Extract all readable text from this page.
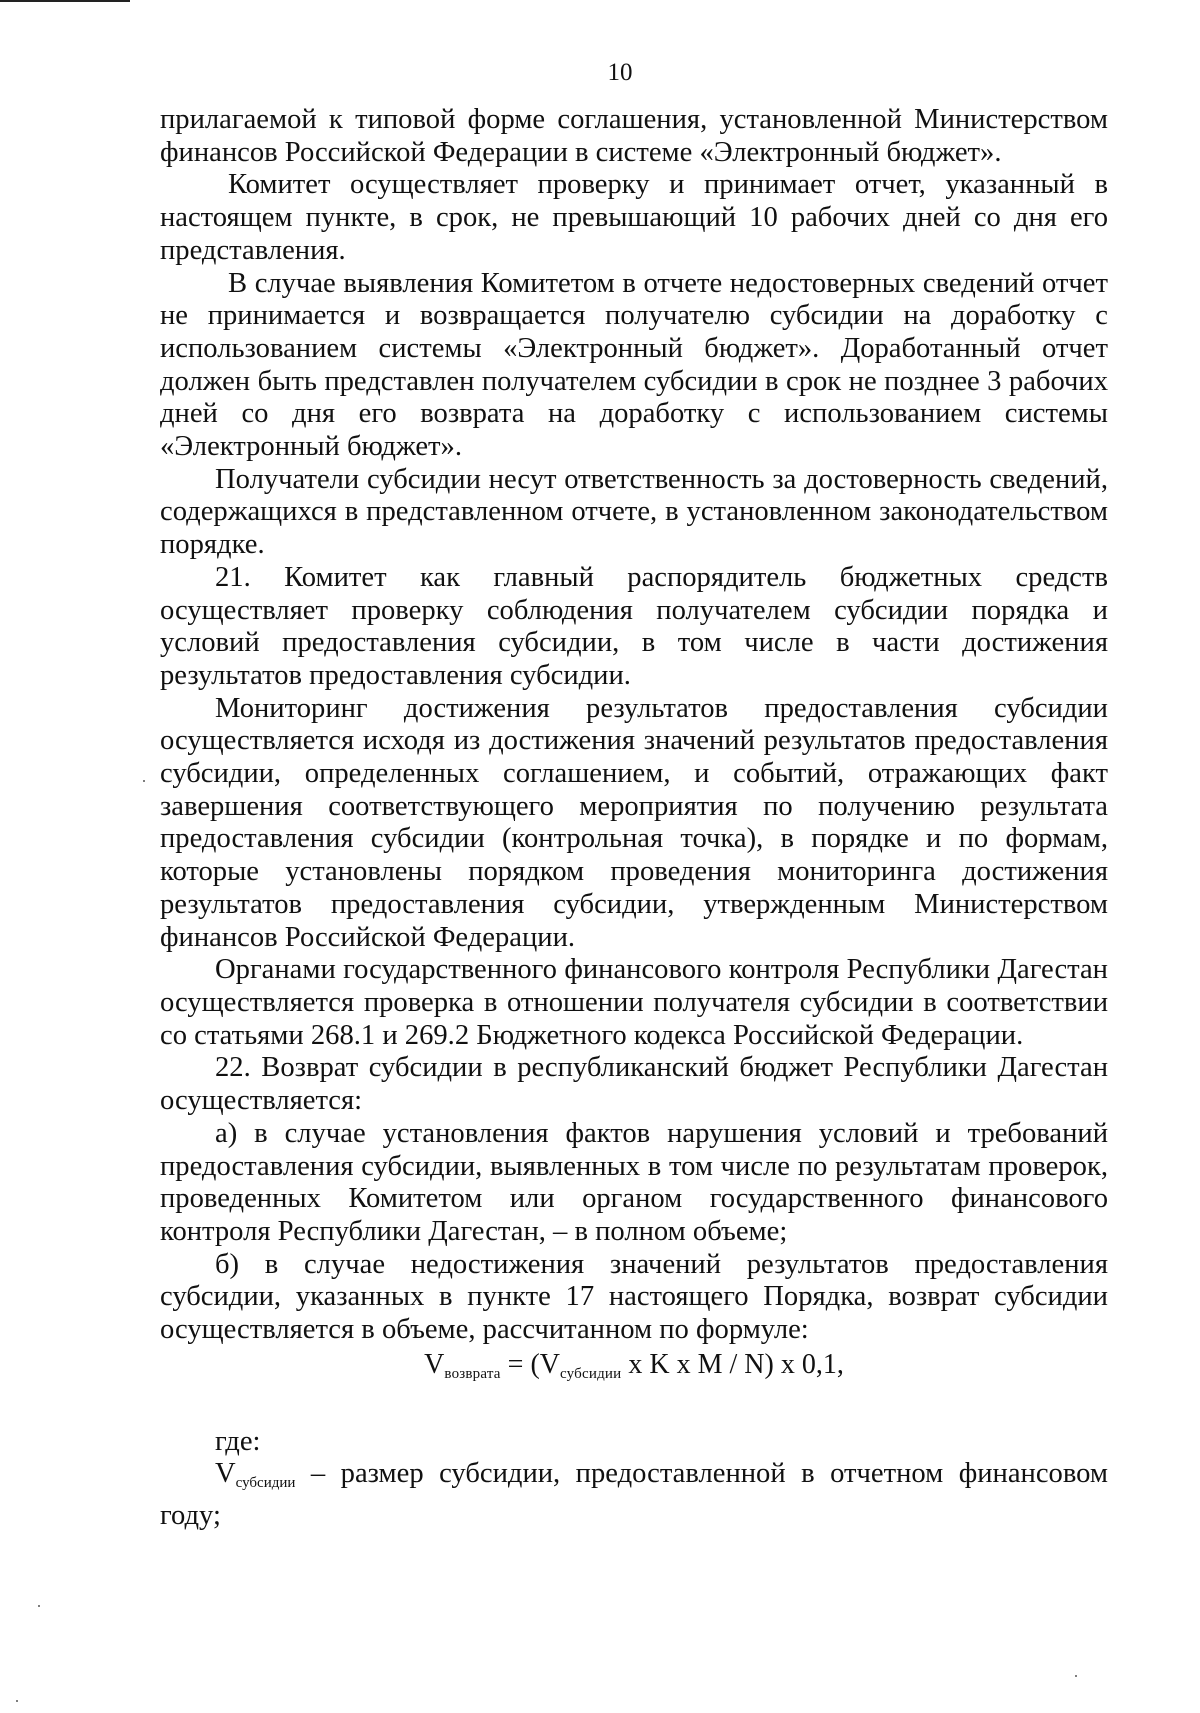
10

прилагаемой к типовой форме соглашения, установленной Министерством финансов Российской Федерации в системе «Электронный бюджет».

Комитет осуществляет проверку и принимает отчет, указанный в настоящем пункте, в срок, не превышающий 10 рабочих дней со дня его представления.

В случае выявления Комитетом в отчете недостоверных сведений отчет не принимается и возвращается получателю субсидии на доработку с использованием системы «Электронный бюджет». Доработанный отчет должен быть представлен получателем субсидии в срок не позднее 3 рабочих дней со дня его возврата на доработку с использованием системы «Электронный бюджет».

Получатели субсидии несут ответственность за достоверность сведений, содержащихся в представленном отчете, в установленном законодательством порядке.

21. Комитет как главный распорядитель бюджетных средств осуществляет проверку соблюдения получателем субсидии порядка и условий предоставления субсидии, в том числе в части достижения результатов предоставления субсидии.

Мониторинг достижения результатов предоставления субсидии осуществляется исходя из достижения значений результатов предоставления субсидии, определенных соглашением, и событий, отражающих факт завершения соответствующего мероприятия по получению результата предоставления субсидии (контрольная точка), в порядке и по формам, которые установлены порядком проведения мониторинга достижения результатов предоставления субсидии, утвержденным Министерством финансов Российской Федерации.

Органами государственного финансового контроля Республики Дагестан осуществляется проверка в отношении получателя субсидии в соответствии со статьями 268.1 и 269.2 Бюджетного кодекса Российской Федерации.

22. Возврат субсидии в республиканский бюджет Республики Дагестан осуществляется:

а) в случае установления фактов нарушения условий и требований предоставления субсидии, выявленных в том числе по результатам проверок, проведенных Комитетом или органом государственного финансового контроля Республики Дагестан, – в полном объеме;

б) в случае недостижения значений результатов предоставления субсидии, указанных в пункте 17 настоящего Порядка, возврат субсидии осуществляется в объеме, рассчитанном по формуле:

Vвозврата = (Vсубсидии x K x M / N) x 0,1,

где:

Vсубсидии – размер субсидии, предоставленной в отчетном финансовом году;
